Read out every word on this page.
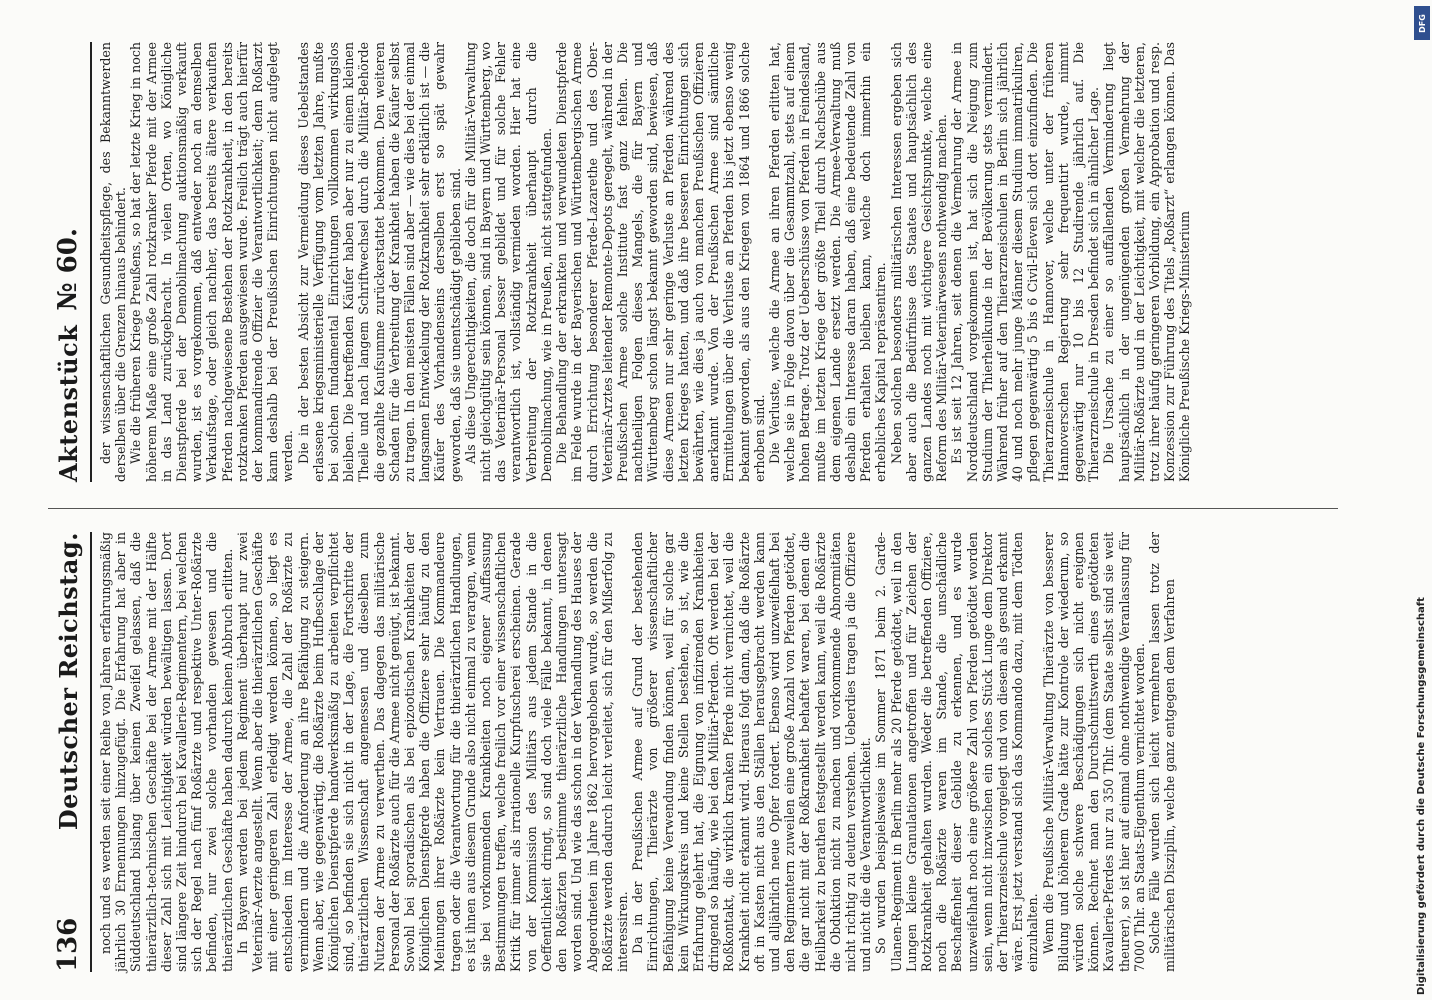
136
Deutscher Reichstag.
Aktenstück
№ 60.

noch und es werden seit einer Reihe von Jahren erfahrungsmäßig jährlich 30 Ernennungen hinzugefügt. Die Erfahrung hat aber in Süddeutschland bislang über keinen Zweifel gelassen, daß die thierärztlich-technischen Geschäfte bei der Armee mit der Hälfte dieser Zahl sich mit Leichtigkeit würden bewältigen lassen. Dort sind längere Zeit hindurch bei Kavallerie-Regimentern, bei welchen sich der Regel nach fünf Roßärzte und respektive Unter-Roßärzte befinden, nur zwei solche vorhanden gewesen und die thierärztlichen Geschäfte haben dadurch keinen Abbruch erlitten. In Bayern werden bei jedem Regiment überhaupt nur zwei Veterinär-Aerzte angestellt. Wenn aber die thierärztlichen Geschäfte mit einer geringeren Zahl erledigt werden können, so liegt es entschieden im Interesse der Armee, die Zahl der Roßärzte zu vermindern und die Anforderung an ihre Befähigung zu steigern. Wenn aber, wie gegenwärtig, die Roßärzte beim Hufbeschlage der Königlichen Dienstpferde handwerksmäßig zu arbeiten verpflichtet sind, so befinden sie sich nicht in der Lage, die Fortschritte der thierärztlichen Wissenschaft angemessen und dieselben zum Nutzen der Armee zu verwerthen. Das dagegen das militärische Personal der Roßärzte auch für die Armee nicht genügt, ist bekannt. Sowohl bei sporadischen als bei epizootischen Krankheiten der Königlichen Dienstpferde haben die Offiziere sehr häufig zu den Meinungen ihrer Roßärzte kein Vertrauen. Die Kommandeure tragen oder die Verantwortung für die thierärztlichen Handlungen, es ist ihnen aus diesem Grunde also nicht einmal zu verargen, wenn sie bei vorkommenden Krankheiten noch eigener Auffassung Bestimmungen treffen, welche freilich vor einer wissenschaftlichen Kritik für immer als irrationelle Kurpfuscherei erscheinen. Gerade von der Kommission des Militärs aus jedem Stande in die Oeffentlichkeit dringt, so sind doch viele Fälle bekannt, in denen den Roßärzten bestimmte thierärztliche Handlungen untersagt worden sind. Und wie das schon in der Verhandlung des Hauses der Abgeordneten im Jahre 1862 hervorgehoben wurde, so werden die Roßärzte werden dadurch leicht verleitet, sich für den Mißerfolg zu interessiren. Da in der Preußischen Armee auf Grund der bestehenden Einrichtungen, Thierärzte von größerer wissenschaftlicher Befähigung keine Verwendung finden können, weil für solche gar kein Wirkungskreis und keine Stellen bestehen, so ist, wie die Erfahrung gelehrt hat, die Eignung von infizirenden Krankheiten dringend so häufig, wie bei den Militär-Pferden. Oft werden bei der Roßkontakt, die wirklich kranken Pferde nicht vernichtet, weil die Krankheit nicht erkannt wird. Hieraus folgt dann, daß die Roßärzte oft in Kasten nicht aus den Ställen herausgebracht werden kann und alljährlich neue Opfer fordert. Ebenso wird unzweifelhaft bei den Regimentern zuweilen eine große Anzahl von Pferden getödtet, die gar nicht mit der Roßkrankheit behaftet waren, bei denen die Heilbarkeit zu berathen festgestellt werden kann, weil die Roßärzte die Obduktion nicht zu machen und vorkommende Abnormitäten nicht richtig zu deuten verstehen. Ueberdies tragen ja die Offiziere und nicht die die Verantwortlichkeit. So wurden beispielsweise im Sommer 1871 beim 2. Garde-Ulanen-Regiment in Berlin mehr als 20 Pferde getödtet, weil in den Lungen kleine Granulationen angetroffen und für Zeichen der Rotzkrankheit gehalten wurden. Weder die betreffenden Offiziere, noch die Roßärzte waren im Stande, die unschädliche Beschaffenheit dieser Gebilde zu erkennen, und es wurde unzweifelhaft noch eine größere Zahl von Pferden getödtet worden sein, wenn nicht inzwischen ein solches Stück Lunge dem Direktor der Thierarzneischule vorgelegt und von diesem als gesund erkannt wäre. Erst jetzt verstand sich das Kommando dazu, mit dem Tödten einzuhalten. Wenn die Preußische Militär-Verwaltung Thierärzte von besserer Bildung und höherem Grade hätte zur Kontrole der wiederum, so würden solche schwere Beschädigungen sich nicht ereignen können. Rechnet man den Durchschnittswerth eines getödteten Kavallerie-Pferdes nur zu 350 Thlr. (dem Staate selbst sind sie weit theurer), so ist hier auf einmal ohne nothwendige Veranlassung für 7000 Thlr. an Staats-Eigenthum vernichtet worden. Solche Fälle wurden sich leicht vermehren lassen trotz der militärischen Disziplin, welche ganz entgegen dem Verfahren

der wissenschaftlichen Gesundheitspflege, des Bekanntwerden derselben über die Grenzen hinaus behindert. Wie die früheren Kriege Preußens, so hat der letzte Krieg in noch höherem Maße eine große Zahl rotzkranker Pferde mit der Armee in das Land zurückgebracht. In vielen Orten, wo Königliche Dienstpferde bei der Demobilmachung auktionsmäßig verkauft wurden, ist es vorgekommen, daß entweder noch an demselben Verkaufstage, oder gleich nachher, das bereits ältere verkauften Pferden nachgewiesene Bestehen der Rotzkrankheit, in den bereits rotzkranken Pferden ausgewiesen wurde. Freilich trägt auch hierfür der kommandirende Offizier die Verantwortlichkeit; denn Roßarzt kann deshalb bei der Preußischen Einrichtungen nicht aufgelegt werden. Die in der besten Absicht zur Vermeidung dieses Uebelstandes erlassene kriegsministerielle Verfügung vom letzten Jahre, mußte bei solchen fundamental Einrichtungen vollkommen wirkungslos bleiben. Die betreffenden Käufer haben aber nur zu einem kleinen Theile und nach langem Schriftwechsel durch die Militär-Behörde die gezahlte Kaufsumme zurückerstattet bekommen. Den weiteren Schaden für die Verbreitung der Krankheit haben die Käufer selbst zu tragen. In den meisten Fällen sind aber — wie dies bei der einmal langsamen Entwickelung der Rotzkrankheit sehr erklärlich ist — die Käufer des Vorhandenseins derselben erst so spät gewahr geworden, daß sie unentschädigt geblieben sind. Als diese Ungerechtigkeiten, die doch für die Militär-Verwaltung nicht gleichgültig sein können, sind in Bayern und Württemberg, wo das Veterinär-Personal besser gebildet und für solche Fehler verantwortlich ist, vollständig vermieden worden. Hier hat eine Verbreitung der Rotzkrankheit überhaupt durch die Demobilmachung, wie in Preußen, nicht stattgefunden. Die Behandlung der erkrankten und verwundeten Dienstpferde im Felde wurde in der Bayerischen und Württembergischen Armee durch Errichtung besonderer Pferde-Lazarethe und des Ober-Veterinär-Arztes leitender Remonte-Depots geregelt, während in der Preußischen Armee solche Institute fast ganz fehlten. Die nachtheiligen Folgen dieses Mangels, die für Bayern und Württemberg schon längst bekannt geworden sind, bewiesen, daß diese Armeen nur sehr geringe Verluste an Pferden während des letzten Krieges hatten, und daß ihre besseren Einrichtungen sich bewährten, wie dies ja auch von manchen Preußischen Offizieren anerkannt wurde. Von der Preußischen Armee sind sämtliche Ermittelungen über die Verluste an Pferden bis jetzt ebenso wenig bekannt geworden, als aus den Kriegen von 1864 und 1866 solche erhoben sind. Die Verluste, welche die Armee an ihren Pferden erlitten hat, welche sie in Folge davon über die Gesammtzahl, stets auf einem hohen Betrage. Trotz der Ueberschüsse von Pferden in Feindesland, mußte im letzten Kriege der größte Theil durch Nachschübe aus dem eigenen Lande ersetzt werden. Die Armee-Verwaltung muß deshalb ein Interesse daran haben, daß eine bedeutende Zahl von Pferden erhalten bleiben kann, welche doch immerhin ein erhebliches Kapital repräsentiren. Neben solchen besonders militärischen Interessen ergeben sich aber auch die Bedürfnisse des Staates und hauptsächlich des ganzen Landes noch mit wichtigere Gesichtspunkte, welche eine Reform des Militär-Veterinärwesens nothwendig machen. Es ist seit 12 Jahren, seit denen die Vermehrung der Armee in Norddeutschland vorgekommen ist, hat sich die Neigung zum Studium der Thierheilkunde in der Bevölkerung stets vermindert. Während früher auf den Thierarzneischulen in Berlin sich jährlich 40 und noch mehr junge Männer diesem Studium immatrikuliren, pflegen gegenwärtig 5 bis 6 Civil-Eleven sich dort einzufinden. Die Thierarzneischule in Hannover, welche unter der früheren Hannoverschen Regierung sehr frequentirt wurde, nimmt gegenwärtig nur 10 bis 12 Studirende jährlich auf. Die Thierarzneischule in Dresden befindet sich in ähnlicher Lage. Die Ursache zu einer so auffallenden Verminderung liegt hauptsächlich in der ungenügenden großen Vermehrung der Militär-Roßärzte und in der Leichtigkeit, mit welcher die letzteren, trotz ihrer häufig geringeren Vorbildung, ein Approbation und resp. Konzession zur Führung des Titels „Roßarzt“ erlangen können. Das Königliche Preußische Kriegs-Ministerium

Digitalisierung gefördert durch die Deutsche Forschungsgemeinschaft
DFG
